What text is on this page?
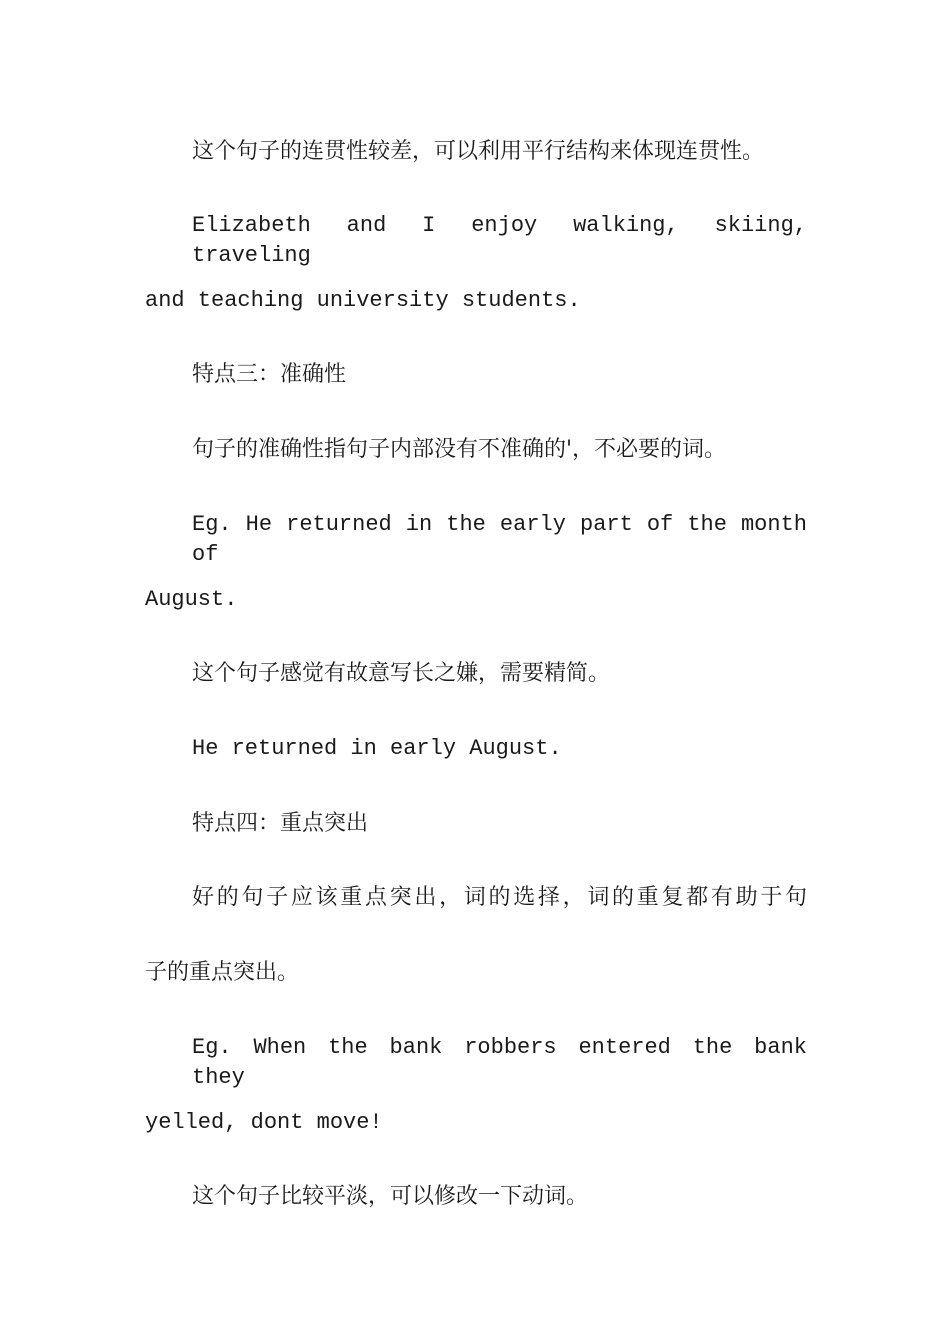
这个句子的连贯性较差，可以利用平行结构来体现连贯性。

Elizabeth and I enjoy walking, skiing, traveling

and teaching university students.

特点三：准确性

句子的准确性指句子内部没有不准确的'，不必要的词。

Eg. He returned in the early part of the month of

August.

这个句子感觉有故意写长之嫌，需要精简。

He returned in early August.

特点四：重点突出

好的句子应该重点突出，词的选择，词的重复都有助于句

子的重点突出。

Eg. When the bank robbers entered the bank they

yelled, dont move!

这个句子比较平淡，可以修改一下动词。
